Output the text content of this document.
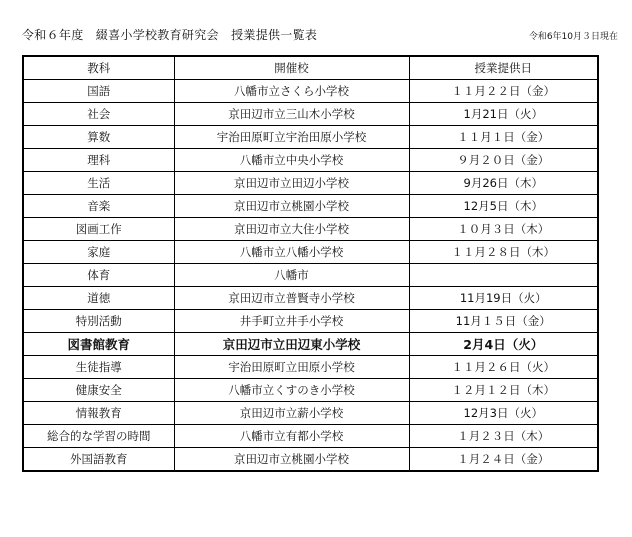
令和６年度　綴喜小学校教育研究会　授業提供一覧表	令和6年10月３日現在
教科	開催校	授業提供日
国語	八幡市立さくら小学校	１１月２２日（金）
社会	京田辺市立三山木小学校	1月21日（火）
算数	宇治田原町立宇治田原小学校	１１月１日（金）
理科	八幡市立中央小学校	９月２０日（金）
生活	京田辺市立田辺小学校	9月26日（木）
音楽	京田辺市立桃園小学校	12月5日（木）
図画工作	京田辺市立大住小学校	１０月３日（木）
家庭	八幡市立八幡小学校	１１月２８日（木）
体育	八幡市	
道徳	京田辺市立普賢寺小学校	11月19日（火）
特別活動	井手町立井手小学校	11月１５日（金）
図書館教育	京田辺市立田辺東小学校	2月4日（火）
生徒指導	宇治田原町立田原小学校	１１月２６日（火）
健康安全	八幡市立くすのき小学校	１２月１２日（木）
情報教育	京田辺市立薪小学校	12月3日（火）
総合的な学習の時間	八幡市立有都小学校	１月２３日（木）
外国語教育	京田辺市立桃園小学校	１月２４日（金）
